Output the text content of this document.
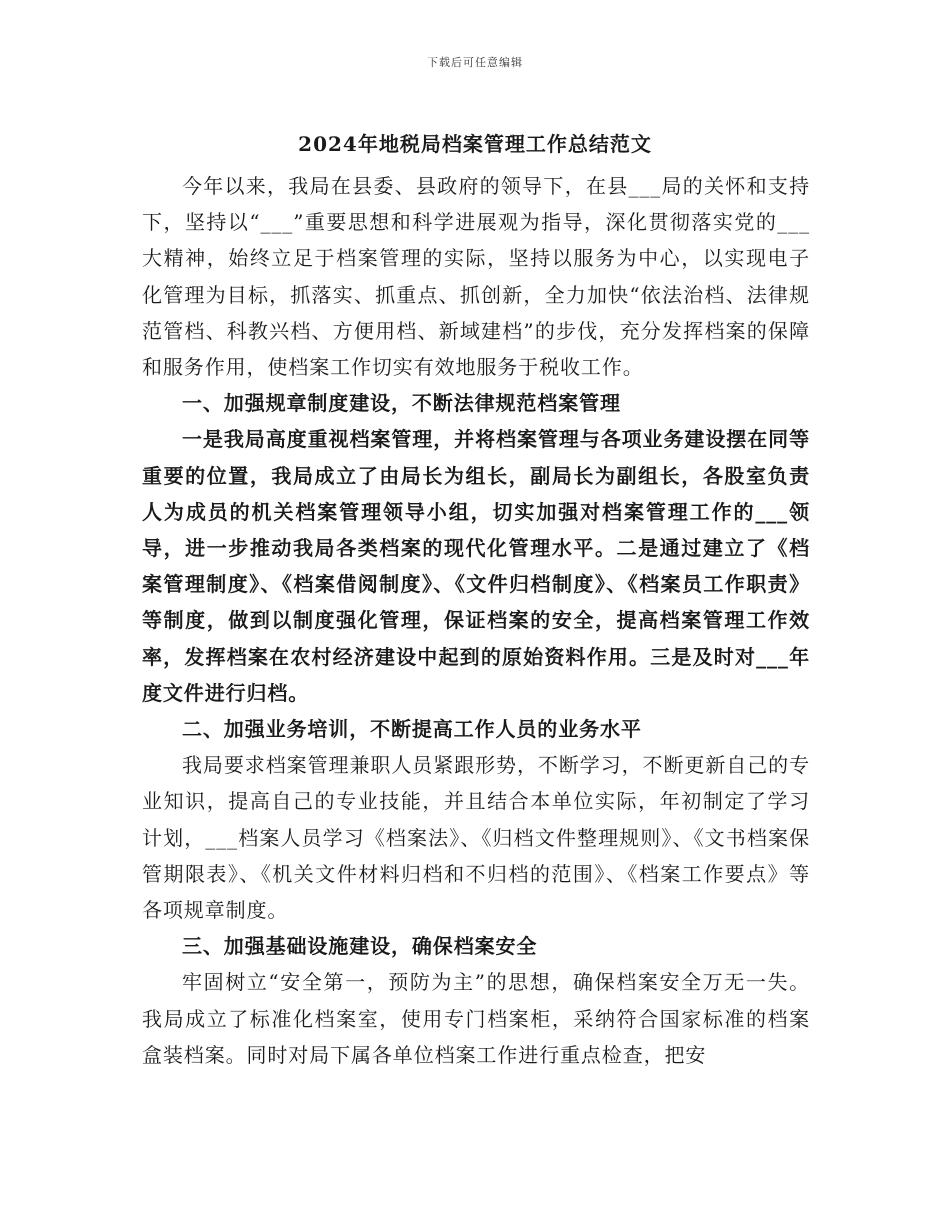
下载后可任意编辑
2024年地税局档案管理工作总结范文

今年以来，我局在县委、县政府的领导下，在县___局的关怀和支持下，坚持以“___”重要思想和科学进展观为指导，深化贯彻落实党的___大精神，始终立足于档案管理的实际，坚持以服务为中心，以实现电子化管理为目标，抓落实、抓重点、抓创新，全力加快“依法治档、法律规范管档、科教兴档、方便用档、新域建档”的步伐，充分发挥档案的保障和服务作用，使档案工作切实有效地服务于税收工作。

一、加强规章制度建设，不断法律规范档案管理

一是我局高度重视档案管理，并将档案管理与各项业务建设摆在同等重要的位置，我局成立了由局长为组长，副局长为副组长，各股室负责人为成员的机关档案管理领导小组，切实加强对档案管理工作的___领导，进一步推动我局各类档案的现代化管理水平。二是通过建立了《档案管理制度》、《档案借阅制度》、《文件归档制度》、《档案员工作职责》等制度，做到以制度强化管理，保证档案的安全，提高档案管理工作效率，发挥档案在农村经济建设中起到的原始资料作用。三是及时对___年度文件进行归档。

二、加强业务培训，不断提高工作人员的业务水平

我局要求档案管理兼职人员紧跟形势，不断学习，不断更新自己的专业知识，提高自己的专业技能，并且结合本单位实际，年初制定了学习计划，___档案人员学习《档案法》、《归档文件整理规则》、《文书档案保管期限表》、《机关文件材料归档和不归档的范围》、《档案工作要点》等各项规章制度。

三、加强基础设施建设，确保档案安全

牢固树立“安全第一，预防为主”的思想，确保档案安全万无一失。我局成立了标准化档案室，使用专门档案柜，采纳符合国家标准的档案盒装档案。同时对局下属各单位档案工作进行重点检查，把安
